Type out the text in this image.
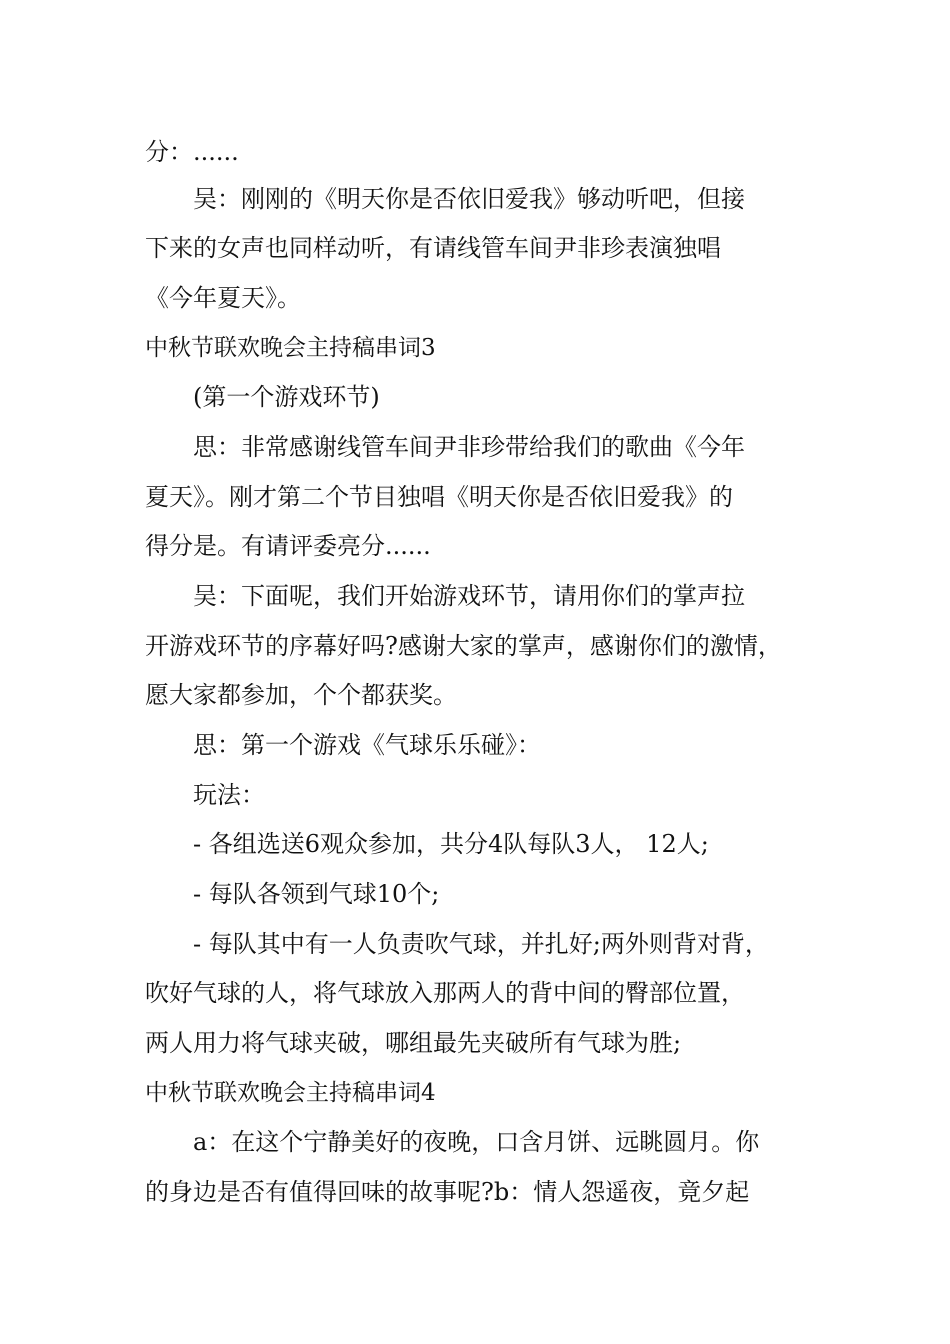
分：......
吴：刚刚的《明天你是否依旧爱我》够动听吧，但接
下来的女声也同样动听，有请线管车间尹非珍表演独唱
《今年夏天》。
中秋节联欢晚会主持稿串词3
(第一个游戏环节)
思：非常感谢线管车间尹非珍带给我们的歌曲《今年
夏天》。刚才第二个节目独唱《明天你是否依旧爱我》的
得分是。有请评委亮分......
吴：下面呢，我们开始游戏环节，请用你们的掌声拉
开游戏环节的序幕好吗?感谢大家的掌声，感谢你们的激情，
愿大家都参加，个个都获奖。
思：第一个游戏《气球乐乐碰》：
玩法：
- 各组选送6观众参加，共分4队每队3人， 12人;
- 每队各领到气球10个;
- 每队其中有一人负责吹气球，并扎好;两外则背对背，
吹好气球的人，将气球放入那两人的背中间的臀部位置，
两人用力将气球夹破，哪组最先夹破所有气球为胜;
中秋节联欢晚会主持稿串词4
a：在这个宁静美好的夜晚，口含月饼、远眺圆月。你
的身边是否有值得回味的故事呢?b：情人怨遥夜，竟夕起
